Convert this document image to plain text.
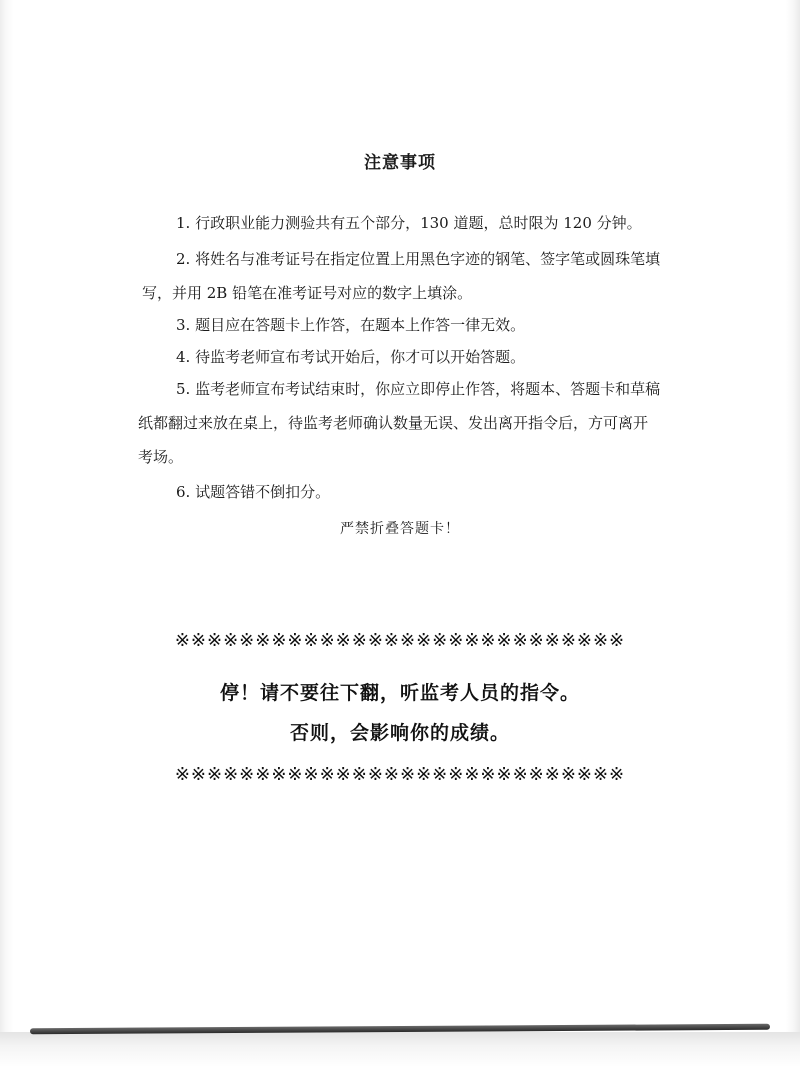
注意事项
1. 行政职业能力测验共有五个部分，130 道题，总时限为 120 分钟。
2. 将姓名与准考证号在指定位置上用黑色字迹的钢笔、签字笔或圆珠笔填
写，并用 2B 铅笔在准考证号对应的数字上填涂。
3. 题目应在答题卡上作答，在题本上作答一律无效。
4. 待监考老师宣布考试开始后，你才可以开始答题。
5. 监考老师宣布考试结束时，你应立即停止作答，将题本、答题卡和草稿
纸都翻过来放在桌上，待监考老师确认数量无误、发出离开指令后，方可离开
考场。
6. 试题答错不倒扣分。
严禁折叠答题卡！
※※※※※※※※※※※※※※※※※※※※※※※※※※※※
停！请不要往下翻，听监考人员的指令。
否则，会影响你的成绩。
※※※※※※※※※※※※※※※※※※※※※※※※※※※※
